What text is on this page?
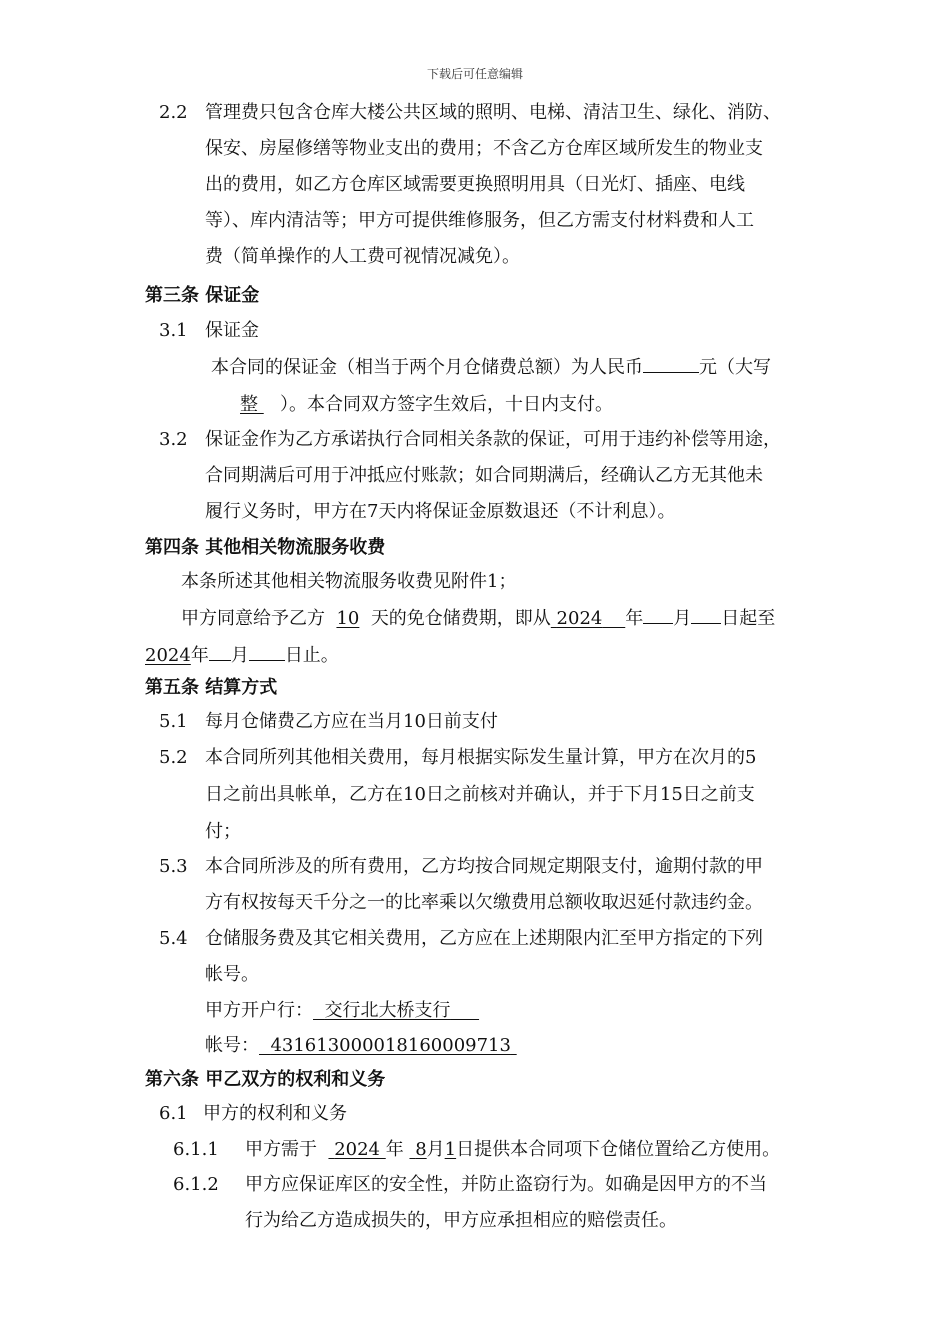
下载后可任意编辑
2.2 管理费只包含仓库大楼公共区域的照明、电梯、清洁卫生、绿化、消防、
保安、房屋修缮等物业支出的费用；不含乙方仓库区域所发生的物业支
出的费用，如乙方仓库区域需要更换照明用具（日光灯、插座、电线
等）、库内清洁等；甲方可提供维修服务，但乙方需支付材料费和人工
费（简单操作的人工费可视情况减免）。
第三条 保证金
3.1 保证金
本合同的保证金（相当于两个月仓储费总额）为人民币	元（大写
整 ）。本合同双方签字生效后，十日内支付。
3.2 保证金作为乙方承诺执行合同相关条款的保证，可用于违约补偿等用途，
合同期满后可用于冲抵应付账款；如合同期满后，经确认乙方无其他未
履行义务时，甲方在7天内将保证金原数退还（不计利息）。
第四条 其他相关物流服务收费
本条所述其他相关物流服务收费见附件1；
甲方同意给予乙方 10 天的免仓储费期，即从 2024 年 月 日起至
2024年 月 日止。
第五条 结算方式
5.1 每月仓储费乙方应在当月10日前支付
5.2 本合同所列其他相关费用，每月根据实际发生量计算，甲方在次月的5
日之前出具帐单，乙方在10日之前核对并确认，并于下月15日之前支
付；
5.3 本合同所涉及的所有费用，乙方均按合同规定期限支付，逾期付款的甲
方有权按每天千分之一的比率乘以欠缴费用总额收取迟延付款违约金。
5.4 仓储服务费及其它相关费用，乙方应在上述期限内汇至甲方指定的下列
帐号。
甲方开户行： 交行北大桥支行
帐号： 431613000018160009713
第六条 甲乙双方的权利和义务
6.1 甲方的权利和义务
6.1.1 甲方需于 2024 年 8月1日提供本合同项下仓储位置给乙方使用。
6.1.2 甲方应保证库区的安全性，并防止盗窃行为。如确是因甲方的不当
行为给乙方造成损失的，甲方应承担相应的赔偿责任。
